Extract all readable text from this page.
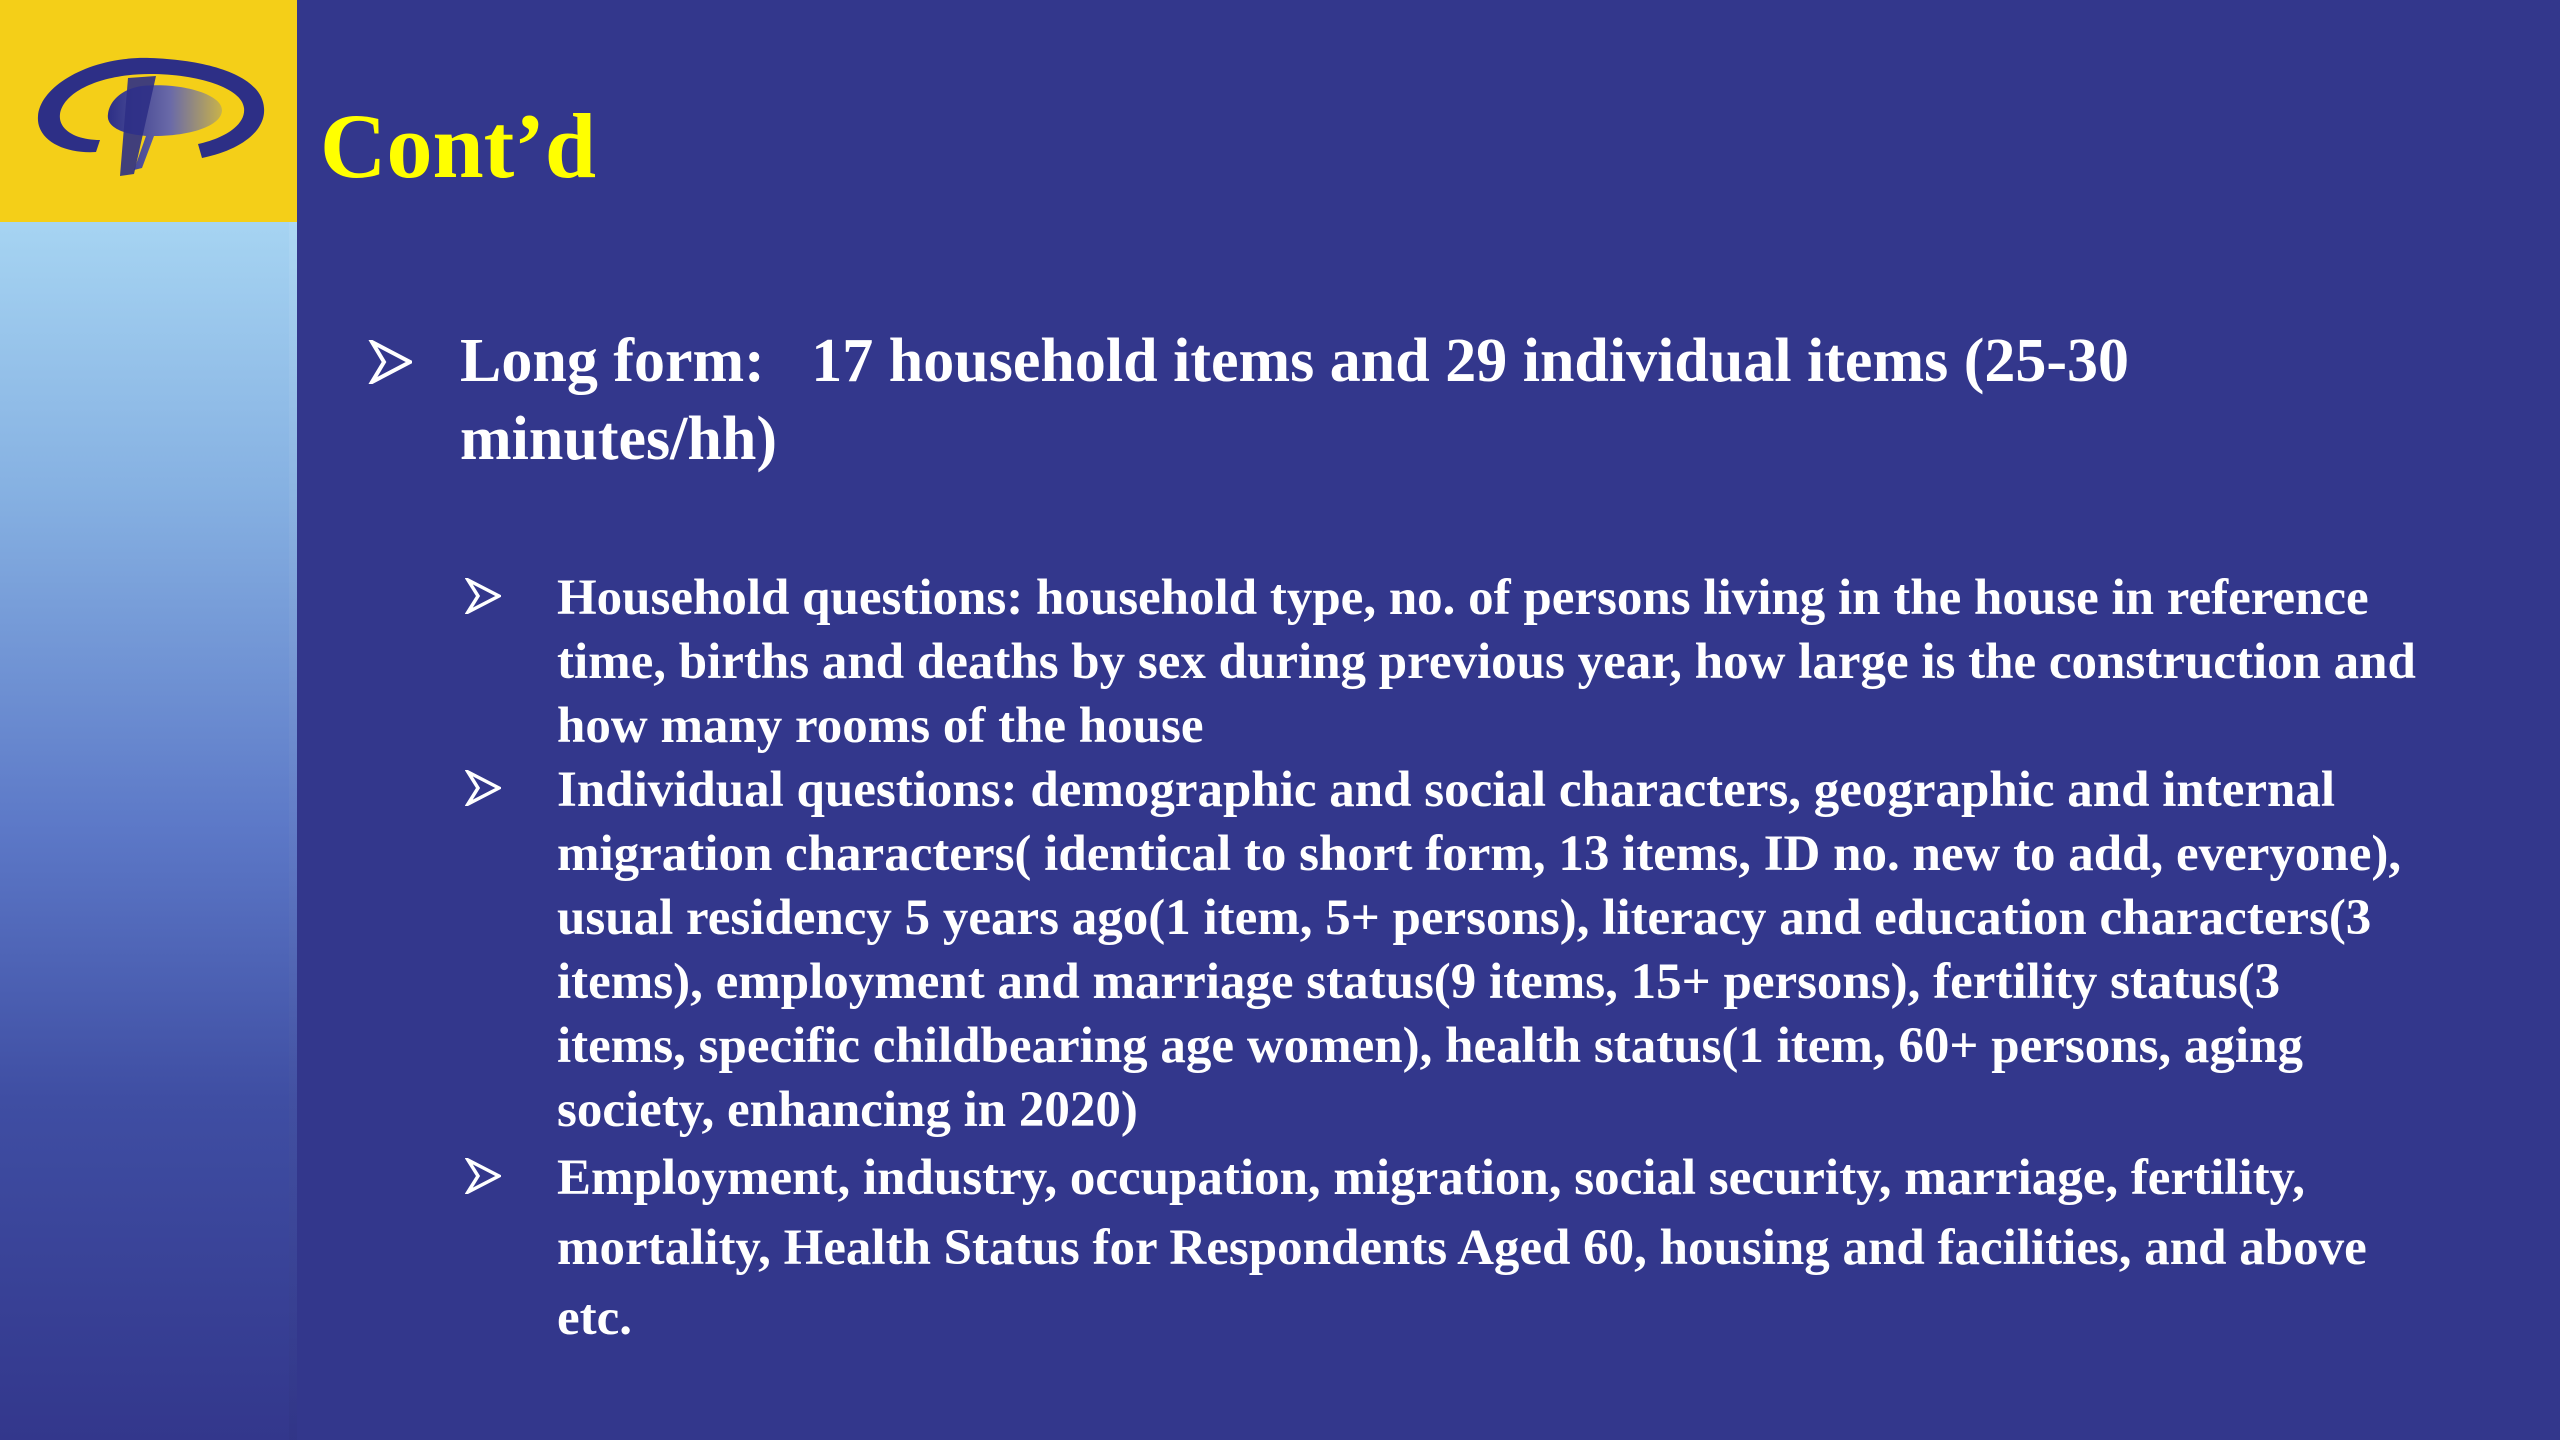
Cont’d
Long form:   17 household items and 29 individual items (25-30 minutes/hh)
Household questions: household type, no. of persons living in the house in reference time, births and deaths by sex during previous year, how large is the construction and how many rooms of the house
Individual questions: demographic and social characters, geographic and internal migration characters( identical to short form, 13 items, ID no. new to add, everyone), usual residency 5 years ago(1 item, 5+ persons), literacy and education characters(3 items), employment and marriage status(9 items, 15+ persons), fertility status(3 items, specific childbearing age women), health status(1 item, 60+ persons, aging society, enhancing in 2020)
Employment, industry, occupation, migration, social security, marriage, fertility, mortality, Health Status for Respondents Aged 60, housing and facilities, and above etc.
